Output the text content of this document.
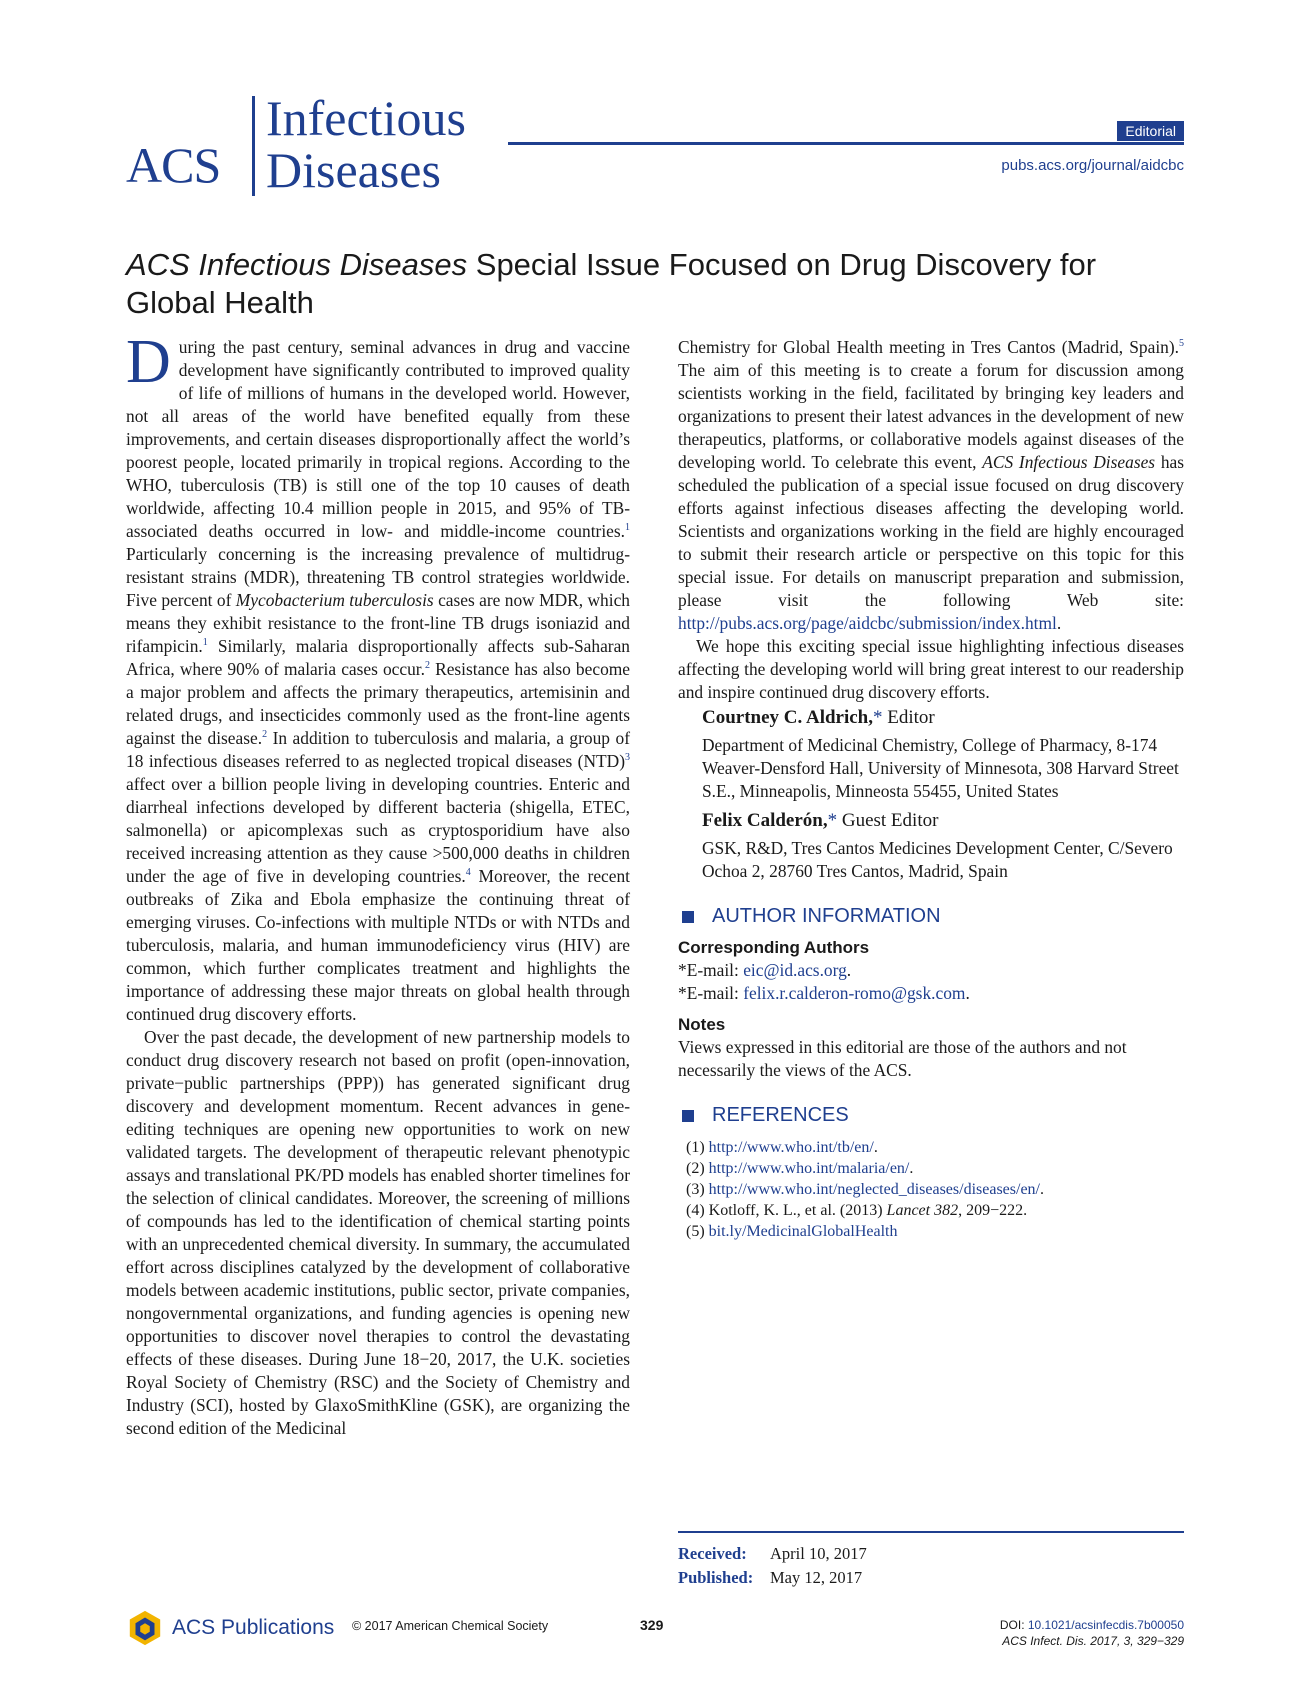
ACS
Infectious
Diseases
Editorial
pubs.acs.org/journal/aidcbc
ACS Infectious Diseases Special Issue Focused on Drug Discovery for Global Health

During the past century, seminal advances in drug and vaccine development have significantly contributed to improved quality of life of millions of humans in the developed world. However, not all areas of the world have benefited equally from these improvements, and certain diseases disproportionally affect the world’s poorest people, located primarily in tropical regions. According to the WHO, tuberculosis (TB) is still one of the top 10 causes of death worldwide, affecting 10.4 million people in 2015, and 95% of TB-associated deaths occurred in low- and middle-income countries.$^1$ Particularly concerning is the increasing prevalence of multidrug-resistant strains (MDR), threatening TB control strategies worldwide. Five percent of Mycobacterium tuberculosis cases are now MDR, which means they exhibit resistance to the front-line TB drugs isoniazid and rifampicin.$^1$ Similarly, malaria disproportionally affects sub-Saharan Africa, where 90% of malaria cases occur.$^2$ Resistance has also become a major problem and affects the primary therapeutics, artemisinin and related drugs, and insecticides commonly used as the front-line agents against the disease.$^2$ In addition to tuberculosis and malaria, a group of 18 infectious diseases referred to as neglected tropical diseases (NTD)$^3$ affect over a billion people living in developing countries. Enteric and diarrheal infections developed by different bacteria (shigella, ETEC, salmonella) or apicomplexas such as cryptosporidium have also received increasing attention as they cause >500,000 deaths in children under the age of five in developing countries.$^4$ Moreover, the recent outbreaks of Zika and Ebola emphasize the continuing threat of emerging viruses. Co-infections with multiple NTDs or with NTDs and tuberculosis, malaria, and human immunodeficiency virus (HIV) are common, which further complicates treatment and highlights the importance of addressing these major threats on global health through continued drug discovery efforts.

Over the past decade, the development of new partnership models to conduct drug discovery research not based on profit (open-innovation, private−public partnerships (PPP)) has generated significant drug discovery and development momentum. Recent advances in gene-editing techniques are opening new opportunities to work on new validated targets. The development of therapeutic relevant phenotypic assays and translational PK/PD models has enabled shorter timelines for the selection of clinical candidates. Moreover, the screening of millions of compounds has led to the identification of chemical starting points with an unprecedented chemical diversity. In summary, the accumulated effort across disciplines catalyzed by the development of collaborative models between academic institutions, public sector, private companies, nongovernmental organizations, and funding agencies is opening new opportunities to discover novel therapies to control the devastating effects of these diseases. During June 18−20, 2017, the U.K. societies Royal Society of Chemistry (RSC) and the Society of Chemistry and Industry (SCI), hosted by GlaxoSmithKline (GSK), are organizing the second edition of the Medicinal

Chemistry for Global Health meeting in Tres Cantos (Madrid, Spain).$^5$ The aim of this meeting is to create a forum for discussion among scientists working in the field, facilitated by bringing key leaders and organizations to present their latest advances in the development of new therapeutics, platforms, or collaborative models against diseases of the developing world. To celebrate this event, ACS Infectious Diseases has scheduled the publication of a special issue focused on drug discovery efforts against infectious diseases affecting the developing world. Scientists and organizations working in the field are highly encouraged to submit their research article or perspective on this topic for this special issue. For details on manuscript preparation and submission, please visit the following Web site: http://pubs.acs.org/page/aidcbc/submission/index.html.

We hope this exciting special issue highlighting infectious diseases affecting the developing world will bring great interest to our readership and inspire continued drug discovery efforts.

Courtney C. Aldrich,* Editor
Department of Medicinal Chemistry, College of Pharmacy, 8-174 Weaver-Densford Hall, University of Minnesota, 308 Harvard Street S.E., Minneapolis, Minneosta 55455, United States
Felix Calderón,* Guest Editor
GSK, R&D, Tres Cantos Medicines Development Center, C/Severo Ochoa 2, 28760 Tres Cantos, Madrid, Spain
AUTHOR INFORMATION
Corresponding Authors
*E-mail: eic@id.acs.org.
*E-mail: felix.r.calderon-romo@gsk.com.
Notes

Views expressed in this editorial are those of the authors and not necessarily the views of the ACS.

REFERENCES
(1) http://www.who.int/tb/en/.
(2) http://www.who.int/malaria/en/.
(3) http://www.who.int/neglected_diseases/diseases/en/.
(4) Kotloff, K. L., et al. (2013) Lancet 382, 209−222.
(5) bit.ly/MedicinalGlobalHealth
Received: April 10, 2017
Published: May 12, 2017
ACS Publications © 2017 American Chemical Society	329	DOI: 10.1021/acsinfecdis.7b00050
ACS Infect. Dis. 2017, 3, 329−329
